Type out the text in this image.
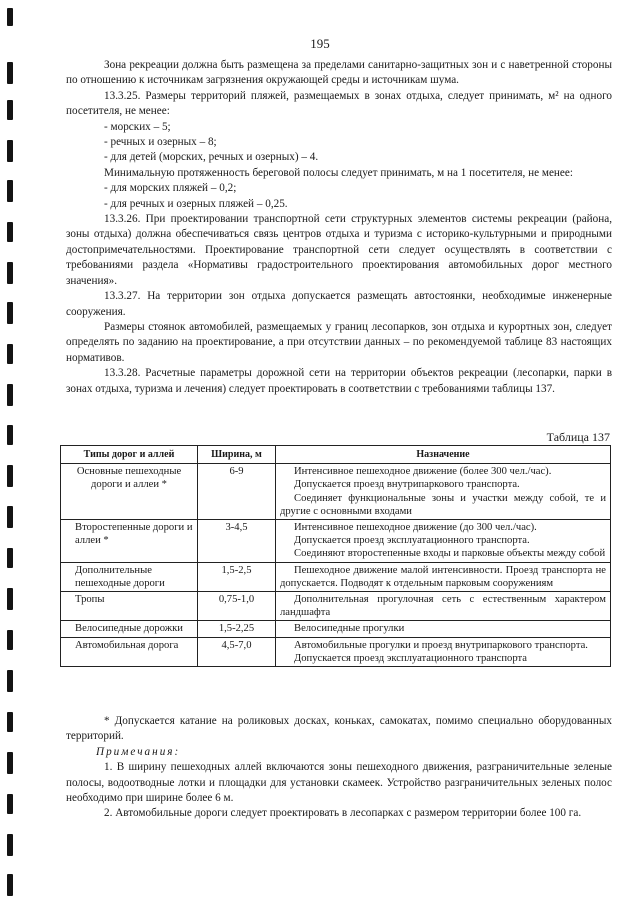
195

Зона рекреации должна быть размещена за пределами санитарно-защитных зон и с наветренной стороны по отношению к источникам загрязнения окружающей среды и источникам шума.

13.3.25. Размеры территорий пляжей, размещаемых в зонах отдыха, следует принимать, м² на одного посетителя, не менее:

- морских – 5;

- речных и озерных – 8;

- для детей (морских, речных и озерных) – 4.

Минимальную протяженность береговой полосы следует принимать, м на 1 посетителя, не менее:

- для морских пляжей – 0,2;

- для речных и озерных пляжей – 0,25.

13.3.26. При проектировании транспортной сети структурных элементов системы рекреации (района, зоны отдыха) должна обеспечиваться связь центров отдыха и туризма с историко-культурными и природными достопримечательностями. Проектирование транспортной сети следует осуществлять в соответствии с требованиями раздела «Нормативы градостроительного проектирования автомобильных дорог местного значения».

13.3.27. На территории зон отдыха допускается размещать автостоянки, необходимые инженерные сооружения.

Размеры стоянок автомобилей, размещаемых у границ лесопарков, зон отдыха и курортных зон, следует определять по заданию на проектирование, а при отсутствии данных – по рекомендуемой таблице 83 настоящих нормативов.

13.3.28. Расчетные параметры дорожной сети на территории объектов рекреации (лесопарки, парки в зонах отдыха, туризма и лечения) следует проектировать в соответствии с требованиями таблицы 137.

Таблица 137
Типы дорог и аллей	Ширина, м	Назначение
Основные пешеходные дороги и аллеи *	6-9	Интенсивное пешеходное движение (более 300 чел./час).

Допускается проезд внутрипаркового транспорта.

Соединяет функциональные зоны и участки между собой, те и другие с основными входами

Второстепенные дороги и аллеи *	3-4,5	Интенсивное пешеходное движение (до 300 чел./час).

Допускается проезд эксплуатационного транспорта.

Соединяют второстепенные входы и парковые объекты между собой

Дополнительные пешеходные дороги	1,5-2,5	Пешеходное движение малой интенсивности. Проезд транспорта не допускается. Подводят к отдельным парковым сооружениям

Тропы	0,75-1,0	Дополнительная прогулочная сеть с естественным характером ландшафта

Велосипедные дорожки	1,5-2,25	Велосипедные прогулки

Автомобильная дорога	4,5-7,0	Автомобильные прогулки и проезд внутрипаркового транспорта.

Допускается проезд эксплуатационного транспорта

* Допускается катание на роликовых досках, коньках, самокатах, помимо специально оборудованных территорий.

Примечания:

1. В ширину пешеходных аллей включаются зоны пешеходного движения, разграничительные зеленые полосы, водоотводные лотки и площадки для установки скамеек. Устройство разграничительных зеленых полос необходимо при ширине более 6 м.

2. Автомобильные дороги следует проектировать в лесопарках с размером территории более 100 га.
